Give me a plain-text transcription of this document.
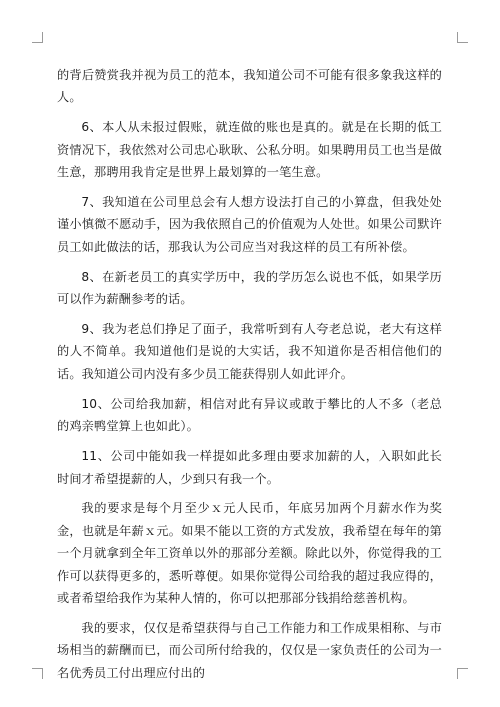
的背后赞赏我并视为员工的范本，我知道公司不可能有很多象我这样的人。

6、本人从未报过假账，就连做的账也是真的。就是在长期的低工资情况下，我依然对公司忠心耿耿、公私分明。如果聘用员工也当是做生意，那聘用我肯定是世界上最划算的一笔生意。

7、我知道在公司里总会有人想方设法打自己的小算盘，但我处处谨小慎微不愿动手，因为我依照自己的价值观为人处世。如果公司默许员工如此做法的话，那我认为公司应当对我这样的员工有所补偿。

8、在新老员工的真实学历中，我的学历怎么说也不低，如果学历可以作为薪酬参考的话。

9、我为老总们挣足了面子，我常听到有人夸老总说，老大有这样的人不简单。我知道他们是说的大实话，我不知道你是否相信他们的话。我知道公司内没有多少员工能获得别人如此评介。

10、公司给我加薪，相信对此有异议或敢于攀比的人不多（老总的鸡亲鸭堂算上也如此）。

11、公司中能如我一样提如此多理由要求加薪的人，入职如此长时间才希望提薪的人，少到只有我一个。

我的要求是每个月至少ｘ元人民币，年底另加两个月薪水作为奖金，也就是年薪ｘ元。如果不能以工资的方式发放，我希望在每年的第一个月就拿到全年工资单以外的那部分差额。除此以外，你觉得我的工作可以获得更多的，悉听尊便。如果你觉得公司给我的超过我应得的，或者希望给我作为某种人情的，你可以把那部分钱捐给慈善机构。

我的要求，仅仅是希望获得与自己工作能力和工作成果相称、与市场相当的薪酬而已，而公司所付给我的，仅仅是一家负责任的公司为一名优秀员工付出理应付出的
